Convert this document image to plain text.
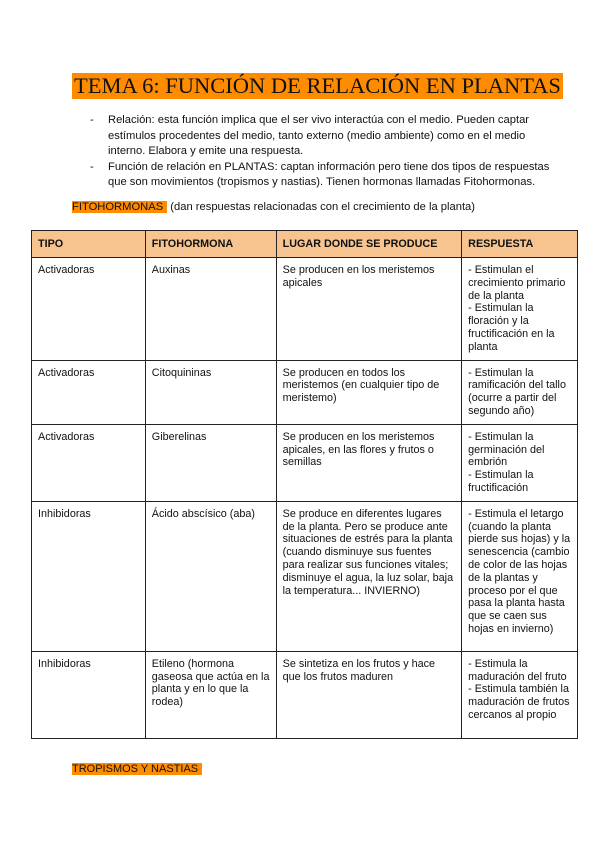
TEMA 6: FUNCIÓN DE RELACIÓN EN PLANTAS
- Relación: esta función implica que el ser vivo interactúa con el medio. Pueden captar estímulos procedentes del medio, tanto externo (medio ambiente) como en el medio interno. Elabora y emite una respuesta.
- Función de relación en PLANTAS: captan información pero tiene dos tipos de respuestas que son movimientos (tropismos y nastias). Tienen hormonas llamadas Fitohormonas.
FITOHORMONAS (dan respuestas relacionadas con el crecimiento de la planta)
TIPO	FITOHORMONA	LUGAR DONDE SE PRODUCE	RESPUESTA
Activadoras	Auxinas	Se producen en los meristemos apicales	- Estimulan el crecimiento primario de la planta
- Estimulan la floración y la fructificación en la planta
Activadoras	Citoquininas	Se producen en todos los meristemos (en cualquier tipo de meristemo)	- Estimulan la ramificación del tallo (ocurre a partir del segundo año)
Activadoras	Giberelinas	Se producen en los meristemos apicales, en las flores y frutos o semillas	- Estimulan la germinación del embrión
- Estimulan la fructificación
Inhibidoras	Ácido abscísico (aba)	Se produce en diferentes lugares de la planta. Pero se produce ante situaciones de estrés para la planta (cuando disminuye sus fuentes para realizar sus funciones vitales; disminuye el agua, la luz solar, baja la temperatura... INVIERNO)	- Estimula el letargo (cuando la planta pierde sus hojas) y la senescencia (cambio de color de las hojas de la plantas y proceso por el que pasa la planta hasta que se caen sus hojas en invierno)
Inhibidoras	Etileno (hormona gaseosa que actúa en la planta y en lo que la rodea)	Se sintetiza en los frutos y hace que los frutos maduren	- Estimula la maduración del fruto
- Estimula también la maduración de frutos cercanos al propio
TROPISMOS Y NASTIAS
